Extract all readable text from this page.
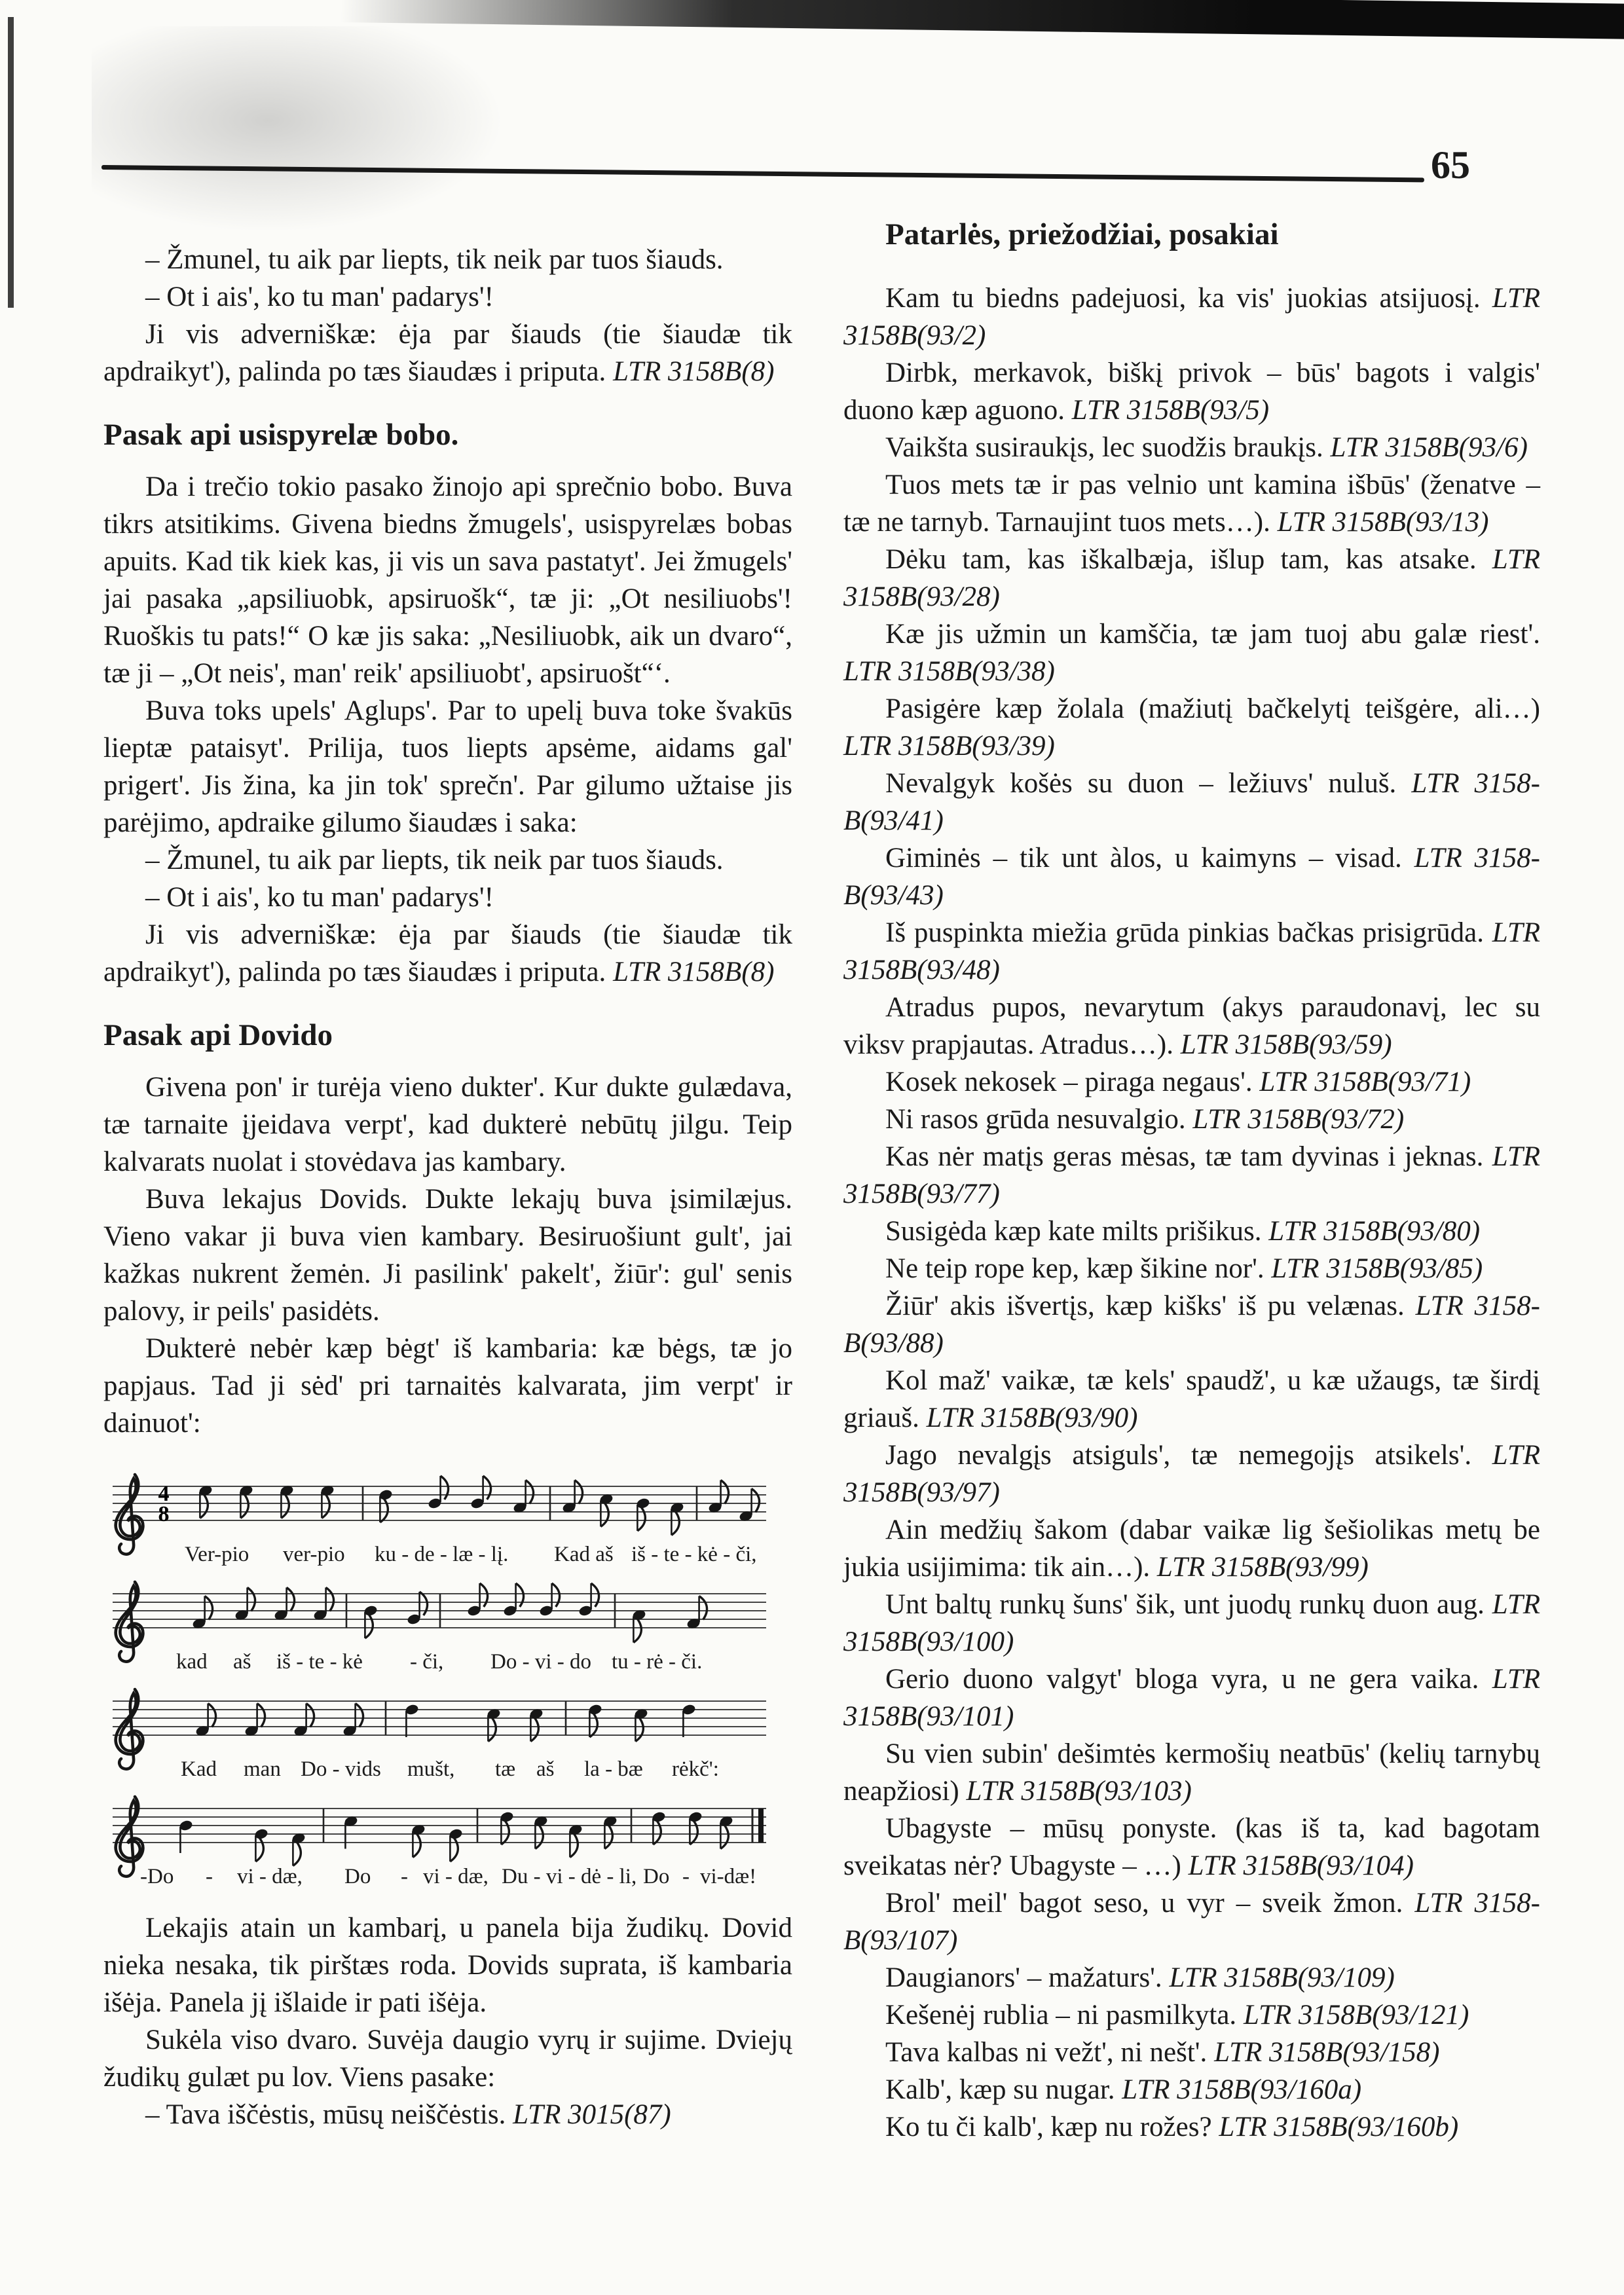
65

– Žmunel, tu aik par liepts, tik neik par tuos šiauds.

– Ot i ais', ko tu man' padarys'!

Ji vis adverniškæ: ėja par šiauds (tie šiaudæ tik apdraikyt'), palinda po tæs šiaudæs i priputa. LTR 3158B(8)

Pasak api usispyrelæ bobo.

Da i trečio tokio pasako žinojo api sprečnio bobo. Buva tikrs atsitikims. Givena biedns žmugels', usispyrelæs bobas apuits. Kad tik kiek kas, ji vis un sava pastatyt'. Jei žmugels' jai pasaka „apsiliuobk, apsiruošk“, tæ ji: „Ot nesiliuobs'! Ruoškis tu pats!“ O kæ jis saka: „Nesiliuobk, aik un dvaro“, tæ ji – „Ot neis', man' reik' apsiliuobt', apsiruošt“‘.

Buva toks upels' Aglups'. Par to upelį buva toke švakūs lieptæ pataisyt'. Prilija, tuos liepts apsėme, aidams gal' prigert'. Jis žina, ka jin tok' sprečn'. Par gilumo užtaise jis parėjimo, apdraike gilumo šiaudæs i saka:

– Žmunel, tu aik par liepts, tik neik par tuos šiauds.

– Ot i ais', ko tu man' padarys'!

Ji vis adverniškæ: ėja par šiauds (tie šiaudæ tik apdraikyt'), palinda po tæs šiaudæs i priputa. LTR 3158B(8)

Pasak api Dovido

Givena pon' ir turėja vieno dukter'. Kur dukte gulædava, tæ tarnaite įjeidava verpt', kad dukterė nebūtų jilgu. Teip kalvarats nuolat i stovėdava jas kambary.

Buva lekajus Dovids. Dukte lekajų buva įsimilæjus. Vieno vakar ji buva vien kambary. Besiruošiunt gult', jai kažkas nukrent žemėn. Ji pasilink' pakelt', žiūr': gul' senis palovy, ir peils' pasidėts.

Dukterė nebėr kæp bėgt' iš kambaria: kæ bėgs, tæ jo papjaus. Tad ji sėd' pri tarnaitės kalvarata, jim verpt' ir dainuot':

4
8
Ver-pio ver-pio ku - de - læ - lį. Kad aš iš - te - kė - či,
kad aš iš - te - kė - či, Do - vi - do tu - rė - či.
Kad man Do - vids mušt, tæ aš la - bæ rėkč':
-Do - vi - dæ, Do - vi - dæ, Du - vi - dė - li, Do - vi-dæ!

Lekajis atain un kambarį, u panela bija žudikų. Dovid nieka nesaka, tik pirštæs roda. Dovids suprata, iš kambaria išėja. Panela jį išlaide ir pati išėja.

Sukėla viso dvaro. Suvėja daugio vyrų ir sujime. Dviejų žudikų gulæt pu lov. Viens pasake:

– Tava iščėstis, mūsų neiščėstis. LTR 3015(87)

Patarlės, priežodžiai, posakiai

Kam tu biedns padejuosi, ka vis' juokias atsijuosį. LTR 3158B(93/2)

Dirbk, merkavok, biškį privok – būs' bagots i valgis' duono kæp aguono. LTR 3158B(93/5)

Vaikšta susiraukįs, lec suodžis braukįs. LTR 3158B(93/6)

Tuos mets tæ ir pas velnio unt kamina išbūs' (ženatve – tæ ne tarnyb. Tarnaujint tuos mets…). LTR 3158B(93/13)

Dėku tam, kas iškalbæja, išlup tam, kas atsake. LTR 3158B(93/28)

Kæ jis užmin un kamščia, tæ jam tuoj abu galæ riest'. LTR 3158B(93/38)

Pasigėre kæp žolala (mažiutį bačkelytį teišgėre, ali…) LTR 3158B(93/39)

Nevalgyk košės su duon – ležiuvs' nuluš. LTR 3158-B(93/41)

Giminės – tik unt àlos, u kaimyns – visad. LTR 3158-B(93/43)

Iš puspinkta miežia grūda pinkias bačkas prisigrūda. LTR 3158B(93/48)

Atradus pupos, nevarytum (akys paraudonavį, lec su viksv prapjautas. Atradus…). LTR 3158B(93/59)

Kosek nekosek – piraga negaus'. LTR 3158B(93/71)

Ni rasos grūda nesuvalgio. LTR 3158B(93/72)

Kas nėr matįs geras mėsas, tæ tam dyvinas i jeknas. LTR 3158B(93/77)

Susigėda kæp kate milts prišikus. LTR 3158B(93/80)

Ne teip rope kep, kæp šikine nor'. LTR 3158B(93/85)

Žiūr' akis išvertįs, kæp kišks' iš pu velænas. LTR 3158-B(93/88)

Kol maž' vaikæ, tæ kels' spaudž', u kæ užaugs, tæ širdį griauš. LTR 3158B(93/90)

Jago nevalgįs atsiguls', tæ nemegojįs atsikels'. LTR 3158B(93/97)

Ain medžių šakom (dabar vaikæ lig šešiolikas metų be jukia usijimima: tik ain…). LTR 3158B(93/99)

Unt baltų runkų šuns' šik, unt juodų runkų duon aug. LTR 3158B(93/100)

Gerio duono valgyt' bloga vyra, u ne gera vaika. LTR 3158B(93/101)

Su vien subin' dešimtės kermošių neatbūs' (kelių tarnybų neapžiosi) LTR 3158B(93/103)

Ubagyste – mūsų ponyste. (kas iš ta, kad bagotam sveikatas nėr? Ubagyste – …) LTR 3158B(93/104)

Brol' meil' bagot seso, u vyr – sveik žmon. LTR 3158-B(93/107)

Daugianors' – mažaturs'. LTR 3158B(93/109)

Kešenėj rublia – ni pasmilkyta. LTR 3158B(93/121)

Tava kalbas ni vežt', ni nešt'. LTR 3158B(93/158)

Kalb', kæp su nugar. LTR 3158B(93/160a)

Ko tu či kalb', kæp nu rožes? LTR 3158B(93/160b)
